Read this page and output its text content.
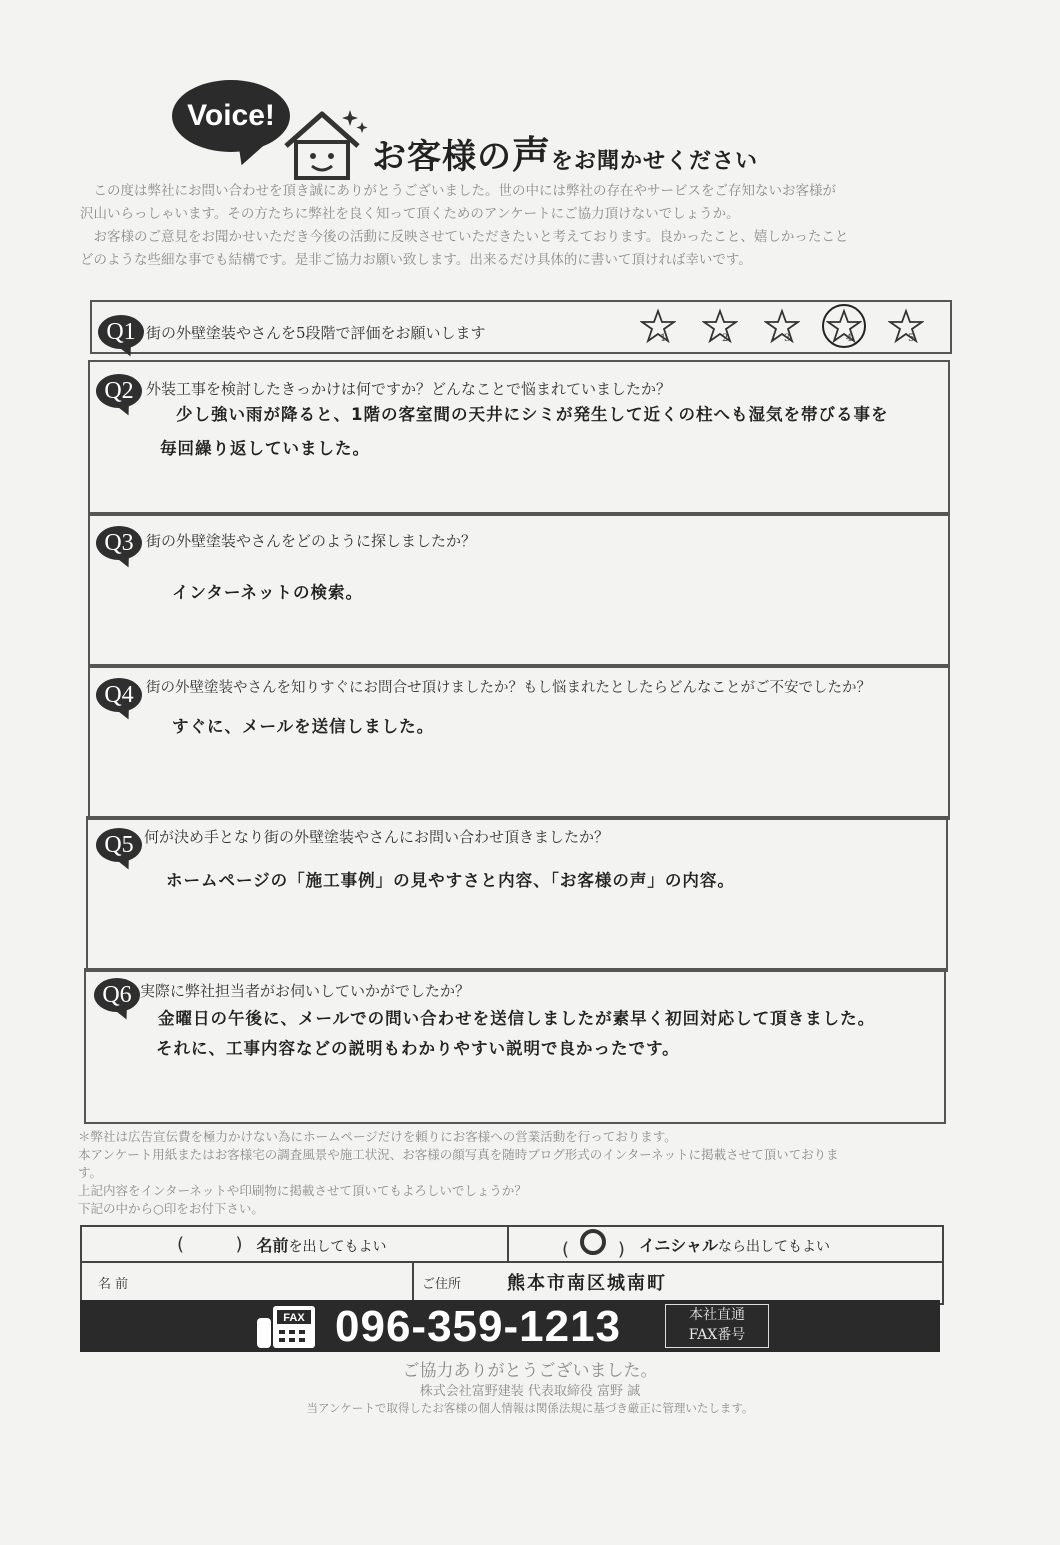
Voice!
お客様の声をお聞かせください

この度は弊社にお問い合わせを頂き誠にありがとうございました。世の中には弊社の存在やサービスをご存知ないお客様が

沢山いらっしゃいます。その方たちに弊社を良く知って頂くためのアンケートにご協力頂けないでしょうか。

お客様のご意見をお聞かせいただき今後の活動に反映させていただきたいと考えております。良かったこと、嬉しかったこと

どのような些細な事でも結構です。是非ご協力お願い致します。出来るだけ具体的に書いて頂ければ幸いです。

Q1 街の外壁塗装やさんを5段階で評価をお願いします	1	2	3	4	5
Q2 外装工事を検討したきっかけは何ですか？どんなことで悩まれていましたか？
少し強い雨が降ると、1階の客室間の天井にシミが発生して近くの柱へも湿気を帯びる事を
毎回繰り返していました。
Q3 街の外壁塗装やさんをどのように探しましたか？
インターネットの検索。
Q4 街の外壁塗装やさんを知りすぐにお問合せ頂けましたか？もし悩まれたとしたらどんなことがご不安でしたか？
すぐに、メールを送信しました。
Q5 何が決め手となり街の外壁塗装やさんにお問い合わせ頂きましたか？
ホームページの「施工事例」の見やすさと内容、「お客様の声」の内容。
Q6 実際に弊社担当者がお伺いしていかがでしたか？
金曜日の午後に、メールでの問い合わせを送信しましたが素早く初回対応して頂きました。
それに、工事内容などの説明もわかりやすい説明で良かったです。

＊弊社は広告宣伝費を極力かけない為にホームページだけを頼りにお客様への営業活動を行っております。

本アンケート用紙またはお客様宅の調査風景や施工状況、お客様の顔写真を随時ブログ形式のインターネットに掲載させて頂いておりま

す。

上記内容をインターネットや印刷物に掲載させて頂いてもよろしいでしょうか？

下記の中から○印をお付下さい。

(         ) 名前を出してもよい	(    ) イニシャルなら出してもよい
名 前	ご住所	熊本市南区城南町
FAX 096-359-1213	本社直通
FAX番号
ご協力ありがとうございました。
株式会社富野建装 代表取締役 富野 誠
当アンケートで取得したお客様の個人情報は関係法規に基づき厳正に管理いたします。
